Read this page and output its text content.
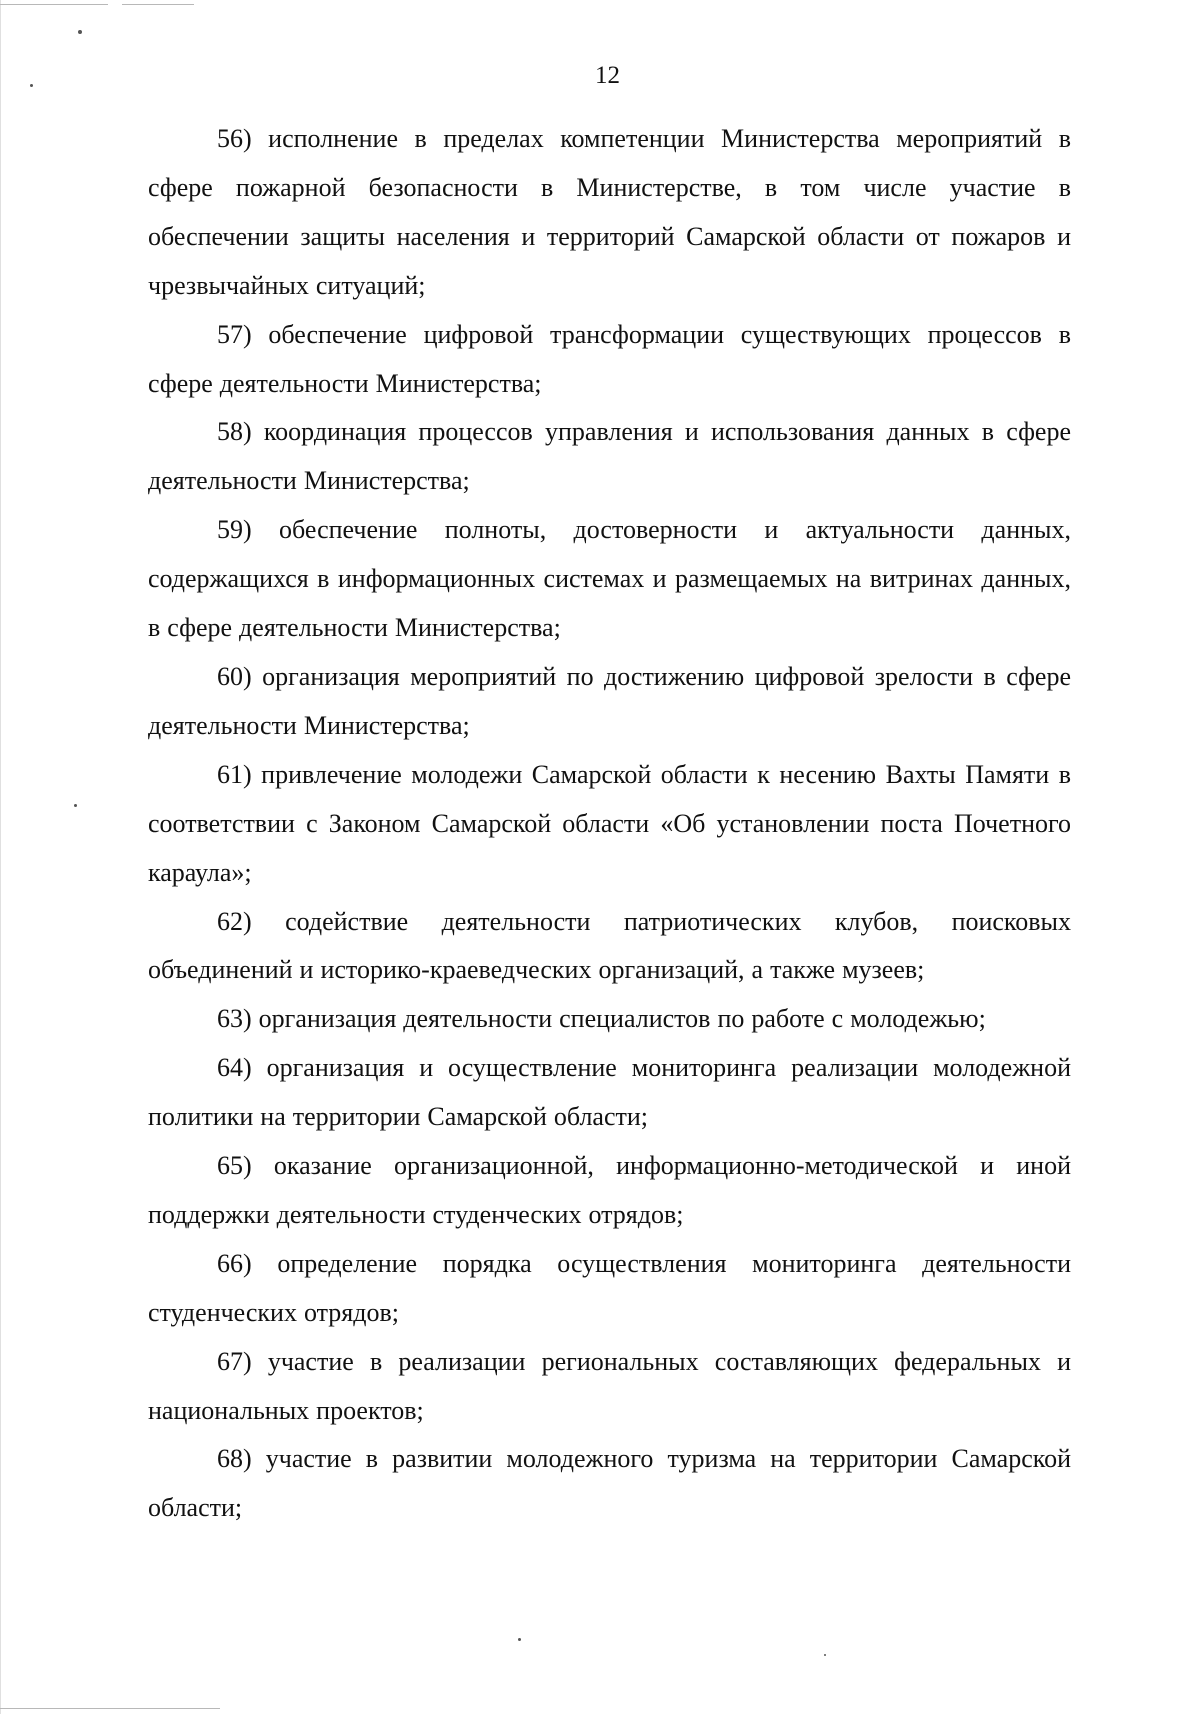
12

56) исполнение в пределах компетенции Министерства мероприятий в сфере пожарной безопасности в Министерстве, в том числе участие в обеспечении защиты населения и территорий Самарской области от пожаров и чрезвычайных ситуаций;

57) обеспечение цифровой трансформации существующих процессов в сфере деятельности Министерства;

58) координация процессов управления и использования данных в сфере деятельности Министерства;

59) обеспечение полноты, достоверности и актуальности данных, содержащихся в информационных системах и размещаемых на витринах данных, в сфере деятельности Министерства;

60) организация мероприятий по достижению цифровой зрелости в сфере деятельности Министерства;

61) привлечение молодежи Самарской области к несению Вахты Памяти в соответствии с Законом Самарской области «Об установлении поста Почетного караула»;

62) содействие деятельности патриотических клубов, поисковых объединений и историко-краеведческих организаций, а также музеев;

63) организация деятельности специалистов по работе с молодежью;

64) организация и осуществление мониторинга реализации молодежной политики на территории Самарской области;

65) оказание организационной, информационно-методической и иной поддержки деятельности студенческих отрядов;

66) определение порядка осуществления мониторинга деятельности студенческих отрядов;

67) участие в реализации региональных составляющих федеральных и национальных проектов;

68) участие в развитии молодежного туризма на территории Самарской области;
